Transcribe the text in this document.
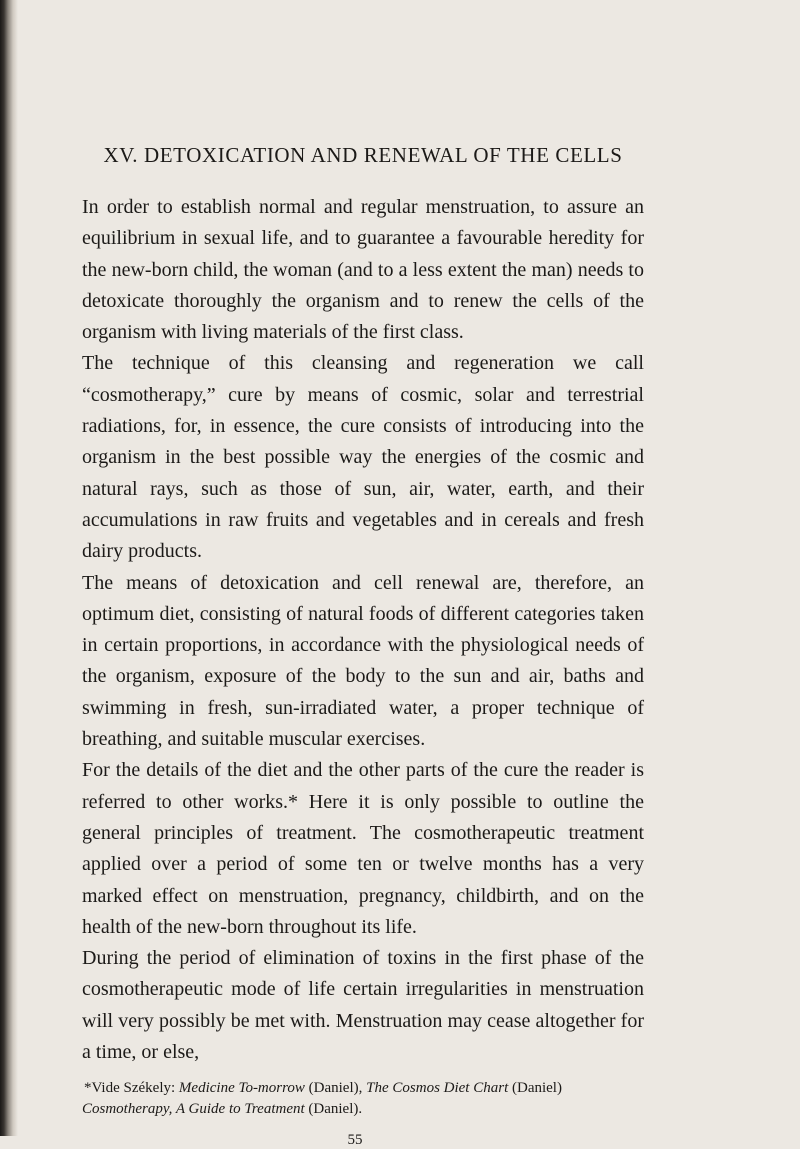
XV. DETOXICATION AND RENEWAL OF THE CELLS

In order to establish normal and regular menstruation, to assure an equilibrium in sexual life, and to guarantee a favourable heredity for the new-born child, the woman (and to a less extent the man) needs to detoxicate thoroughly the organism and to renew the cells of the organism with living materials of the first class.

The technique of this cleansing and regeneration we call “cosmotherapy,” cure by means of cosmic, solar and terrestrial radiations, for, in essence, the cure consists of introducing into the organism in the best possible way the energies of the cosmic and natural rays, such as those of sun, air, water, earth, and their accumulations in raw fruits and vegetables and in cereals and fresh dairy products.

The means of detoxication and cell renewal are, therefore, an optimum diet, consisting of natural foods of different categories taken in certain proportions, in accordance with the physiological needs of the organism, exposure of the body to the sun and air, baths and swimming in fresh, sun-irradiated water, a proper technique of breathing, and suitable muscular exercises.

For the details of the diet and the other parts of the cure the reader is referred to other works.* Here it is only possible to outline the general principles of treatment. The cosmotherapeutic treatment applied over a period of some ten or twelve months has a very marked effect on menstruation, pregnancy, childbirth, and on the health of the new-born throughout its life.

During the period of elimination of toxins in the first phase of the cosmotherapeutic mode of life certain irregularities in menstruation will very possibly be met with. Menstruation may cease altogether for a time, or else,

*Vide Székely: Medicine To-morrow (Daniel), The Cosmos Diet Chart (Daniel) Cosmotherapy, A Guide to Treatment (Daniel).
55
